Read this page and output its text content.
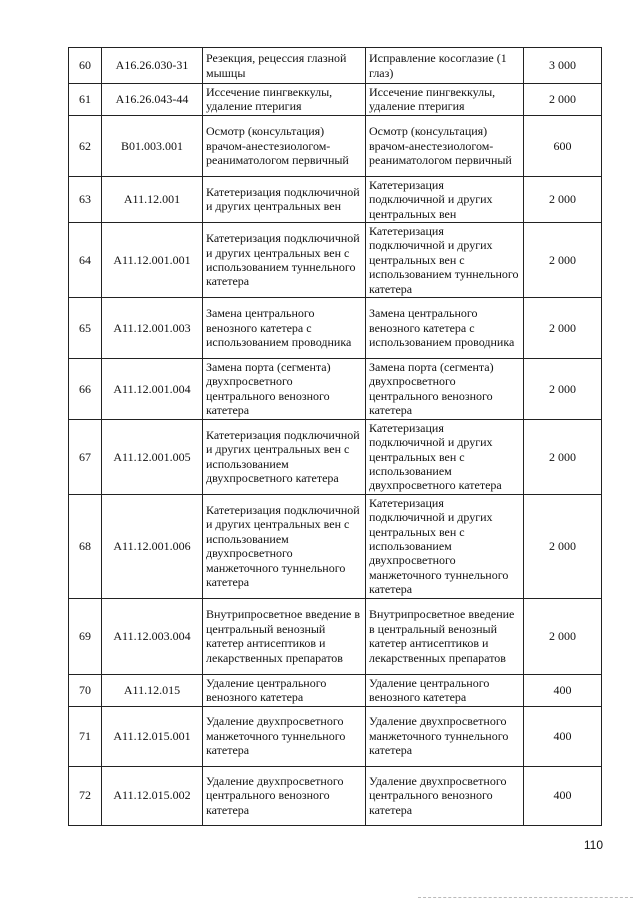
60	A16.26.030-31	Резекция, рецессия глазной мышцы	Исправление косоглазие (1 глаз)	3 000
61	A16.26.043-44	Иссечение пингвеккулы, удаление птеригия	Иссечение пингвеккулы, удаление птеригия	2 000
62	B01.003.001	Осмотр (консультация) врачом-анестезиологом-реаниматологом первичный	Осмотр (консультация) врачом-анестезиологом-реаниматологом первичный	600
63	A11.12.001	Катетеризация подключичной и других центральных вен	Катетеризация подключичной и других центральных вен	2 000
64	A11.12.001.001	Катетеризация подключичной и других центральных вен с использованием туннельного катетера	Катетеризация подключичной и других центральных вен с использованием туннельного катетера	2 000
65	A11.12.001.003	Замена центрального венозного катетера с использованием проводника	Замена центрального венозного катетера с использованием проводника	2 000
66	A11.12.001.004	Замена порта (сегмента) двухпросветного центрального венозного катетера	Замена порта (сегмента) двухпросветного центрального венозного катетера	2 000
67	A11.12.001.005	Катетеризация подключичной и других центральных вен с использованием двухпросветного катетера	Катетеризация подключичной и других центральных вен с использованием двухпросветного катетера	2 000
68	A11.12.001.006	Катетеризация подключичной и других центральных вен с использованием двухпросветного манжеточного туннельного катетера	Катетеризация подключичной и других центральных вен с использованием двухпросветного манжеточного туннельного катетера	2 000
69	A11.12.003.004	Внутрипросветное введение в центральный венозный катетер антисептиков и лекарственных препаратов	Внутрипросветное введение в центральный венозный катетер антисептиков и лекарственных препаратов	2 000
70	A11.12.015	Удаление центрального венозного катетера	Удаление центрального венозного катетера	400
71	A11.12.015.001	Удаление двухпросветного манжеточного туннельного катетера	Удаление двухпросветного манжеточного туннельного катетера	400
72	A11.12.015.002	Удаление двухпросветного центрального венозного катетера	Удаление двухпросветного центрального венозного катетера	400
110
